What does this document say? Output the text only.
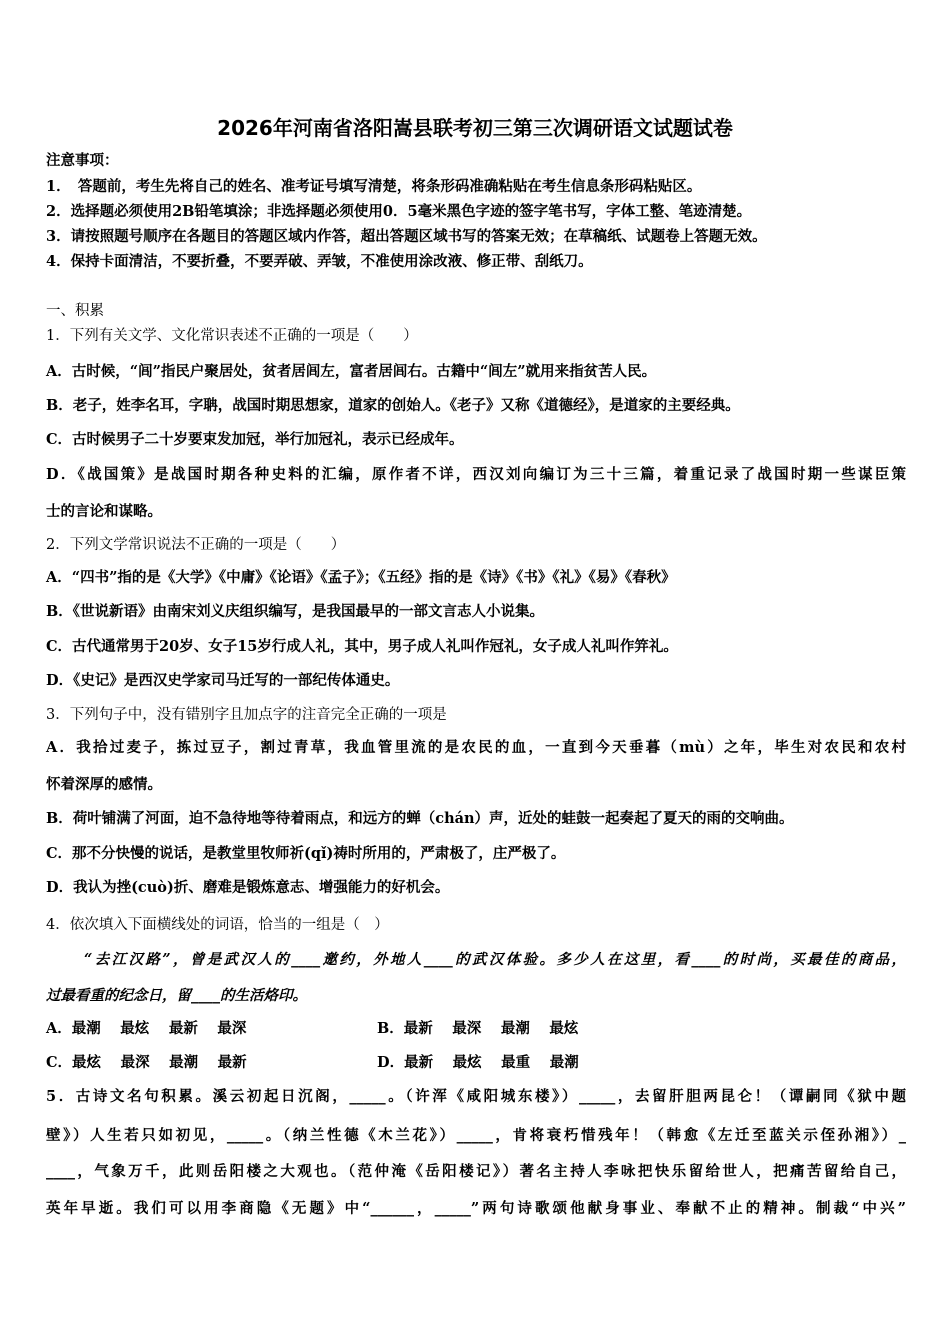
2026年河南省洛阳嵩县联考初三第三次调研语文试题试卷
注意事项：
1．　答题前，考生先将自己的姓名、准考证号填写清楚，将条形码准确粘贴在考生信息条形码粘贴区。
2．选择题必须使用2B铅笔填涂；非选择题必须使用0．5毫米黑色字迹的签字笔书写，字体工整、笔迹清楚。
3．请按照题号顺序在各题目的答题区域内作答，超出答题区域书写的答案无效；在草稿纸、试题卷上答题无效。
4．保持卡面清洁，不要折叠，不要弄破、弄皱，不准使用涂改液、修正带、刮纸刀。
一、积累
1．下列有关文学、文化常识表述不正确的一项是（　　）
A．古时候，“闾”指民户聚居处，贫者居闾左，富者居闾右。古籍中“闾左”就用来指贫苦人民。
B．老子，姓李名耳，字聃，战国时期思想家，道家的创始人。《老子》又称《道德经》，是道家的主要经典。
C．古时候男子二十岁要束发加冠，举行加冠礼，表示已经成年。
D．《战国策》是战国时期各种史料的汇编，原作者不详，西汉刘向编订为三十三篇，着重记录了战国时期一些谋臣策
士的言论和谋略。
2．下列文学常识说法不正确的一项是（　　）
A．“四书”指的是《大学》《中庸》《论语》《孟子》；《五经》指的是《诗》《书》《礼》《易》《春秋》
B．《世说新语》由南宋刘义庆组织编写，是我国最早的一部文言志人小说集。
C．古代通常男于20岁、女子15岁行成人礼，其中，男子成人礼叫作冠礼，女子成人礼叫作笄礼。
D．《史记》是西汉史学家司马迁写的一部纪传体通史。
3．下列句子中，没有错别字且加点字的注音完全正确的一项是
A．我拾过麦子，拣过豆子，割过青草，我血管里流的是农民的血，一直到今天垂暮（mù）之年，毕生对农民和农村
怀着深厚的感情。
B．荷叶铺满了河面，迫不急待地等待着雨点，和远方的蝉（chán）声，近处的蛙鼓一起奏起了夏天的雨的交响曲。
C．那不分快慢的说话，是教堂里牧师祈(qǐ)祷时所用的，严肃极了，庄严极了。
D．我认为挫(cuò)折、磨难是锻炼意志、增强能力的好机会。
4．依次填入下面横线处的词语，恰当的一组是（　）
“去江汉路”，曾是武汉人的____邀约，外地人____的武汉体验。多少人在这里，看____的时尚，买最佳的商品，
过最看重的纪念日，留____的生活烙印。
A．最潮　 最炫　 最新　 最深	B．最新　 最深　 最潮　 最炫
C．最炫　 最深　 最潮　 最新	D．最新　 最炫　 最重　 最潮
5．古诗文名句积累。溪云初起日沉阁，_____。（许浑《咸阳城东楼》）_____，去留肝胆两昆仑！（谭嗣同《狱中题
壁》）人生若只如初见，_____。（纳兰性德《木兰花》）_____，肯将衰朽惜残年！（韩愈《左迁至蓝关示侄孙湘》）_
____，气象万千，此则岳阳楼之大观也。（范仲淹《岳阳楼记》）著名主持人李咏把快乐留给世人，把痛苦留给自己，
英年早逝。我们可以用李商隐《无题》中“______，_____”两句诗歌颂他献身事业、奉献不止的精神。制裁“中兴”
